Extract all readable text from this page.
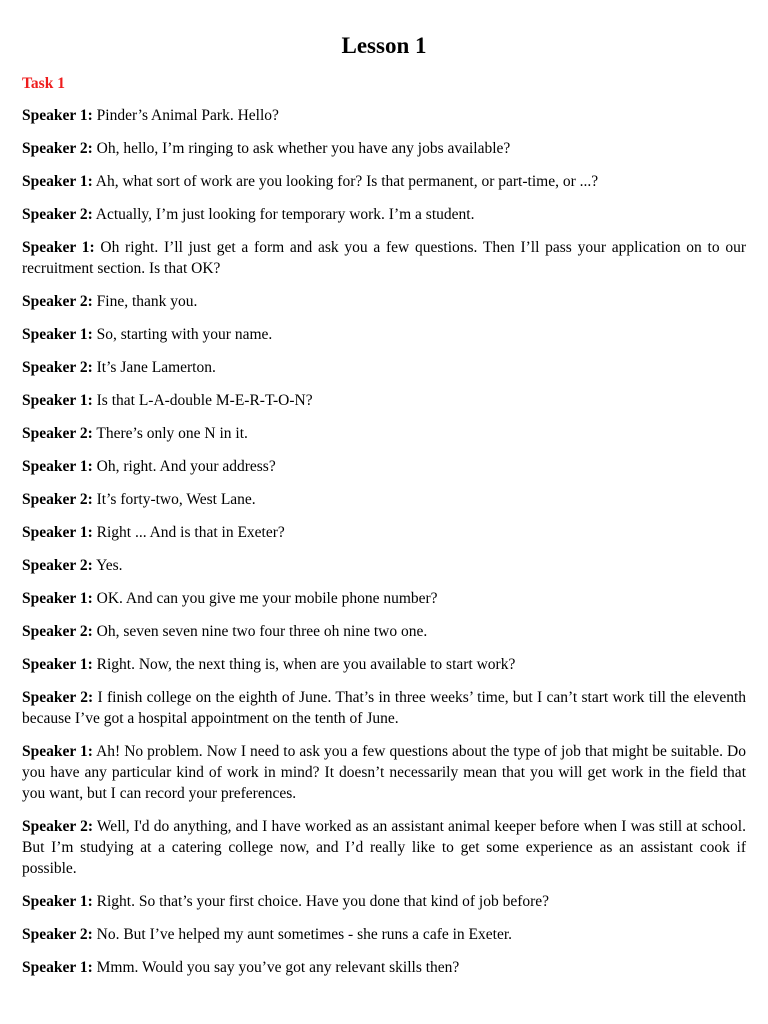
Lesson 1
Task 1

Speaker 1: Pinder’s Animal Park. Hello?

Speaker 2: Oh, hello, I’m ringing to ask whether you have any jobs available?

Speaker 1: Ah, what sort of work are you looking for? Is that permanent, or part-time, or ...?

Speaker 2: Actually, I’m just looking for temporary work. I’m a student.

Speaker 1: Oh right. I’ll just get a form and ask you a few questions. Then I’ll pass your application on to our recruitment section. Is that OK?

Speaker 2: Fine, thank you.

Speaker 1: So, starting with your name.

Speaker 2: It’s Jane Lamerton.

Speaker 1: Is that L-A-double M-E-R-T-O-N?

Speaker 2: There’s only one N in it.

Speaker 1: Oh, right. And your address?

Speaker 2: It’s forty-two, West Lane.

Speaker 1: Right ... And is that in Exeter?

Speaker 2: Yes.

Speaker 1: OK. And can you give me your mobile phone number?

Speaker 2: Oh, seven seven nine two four three oh nine two one.

Speaker 1: Right. Now, the next thing is, when are you available to start work?

Speaker 2: I finish college on the eighth of June. That’s in three weeks’ time, but I can’t start work till the eleventh because I’ve got a hospital appointment on the tenth of June.

Speaker 1: Ah! No problem. Now I need to ask you a few questions about the type of job that might be suitable. Do you have any particular kind of work in mind? It doesn’t necessarily mean that you will get work in the field that you want, but I can record your preferences.

Speaker 2: Well, I'd do anything, and I have worked as an assistant animal keeper before when I was still at school. But I’m studying at a catering college now, and I’d really like to get some experience as an assistant cook if possible.

Speaker 1: Right. So that’s your first choice. Have you done that kind of job before?

Speaker 2: No. But I’ve helped my aunt sometimes - she runs a cafe in Exeter.

Speaker 1: Mmm. Would you say you’ve got any relevant skills then?
